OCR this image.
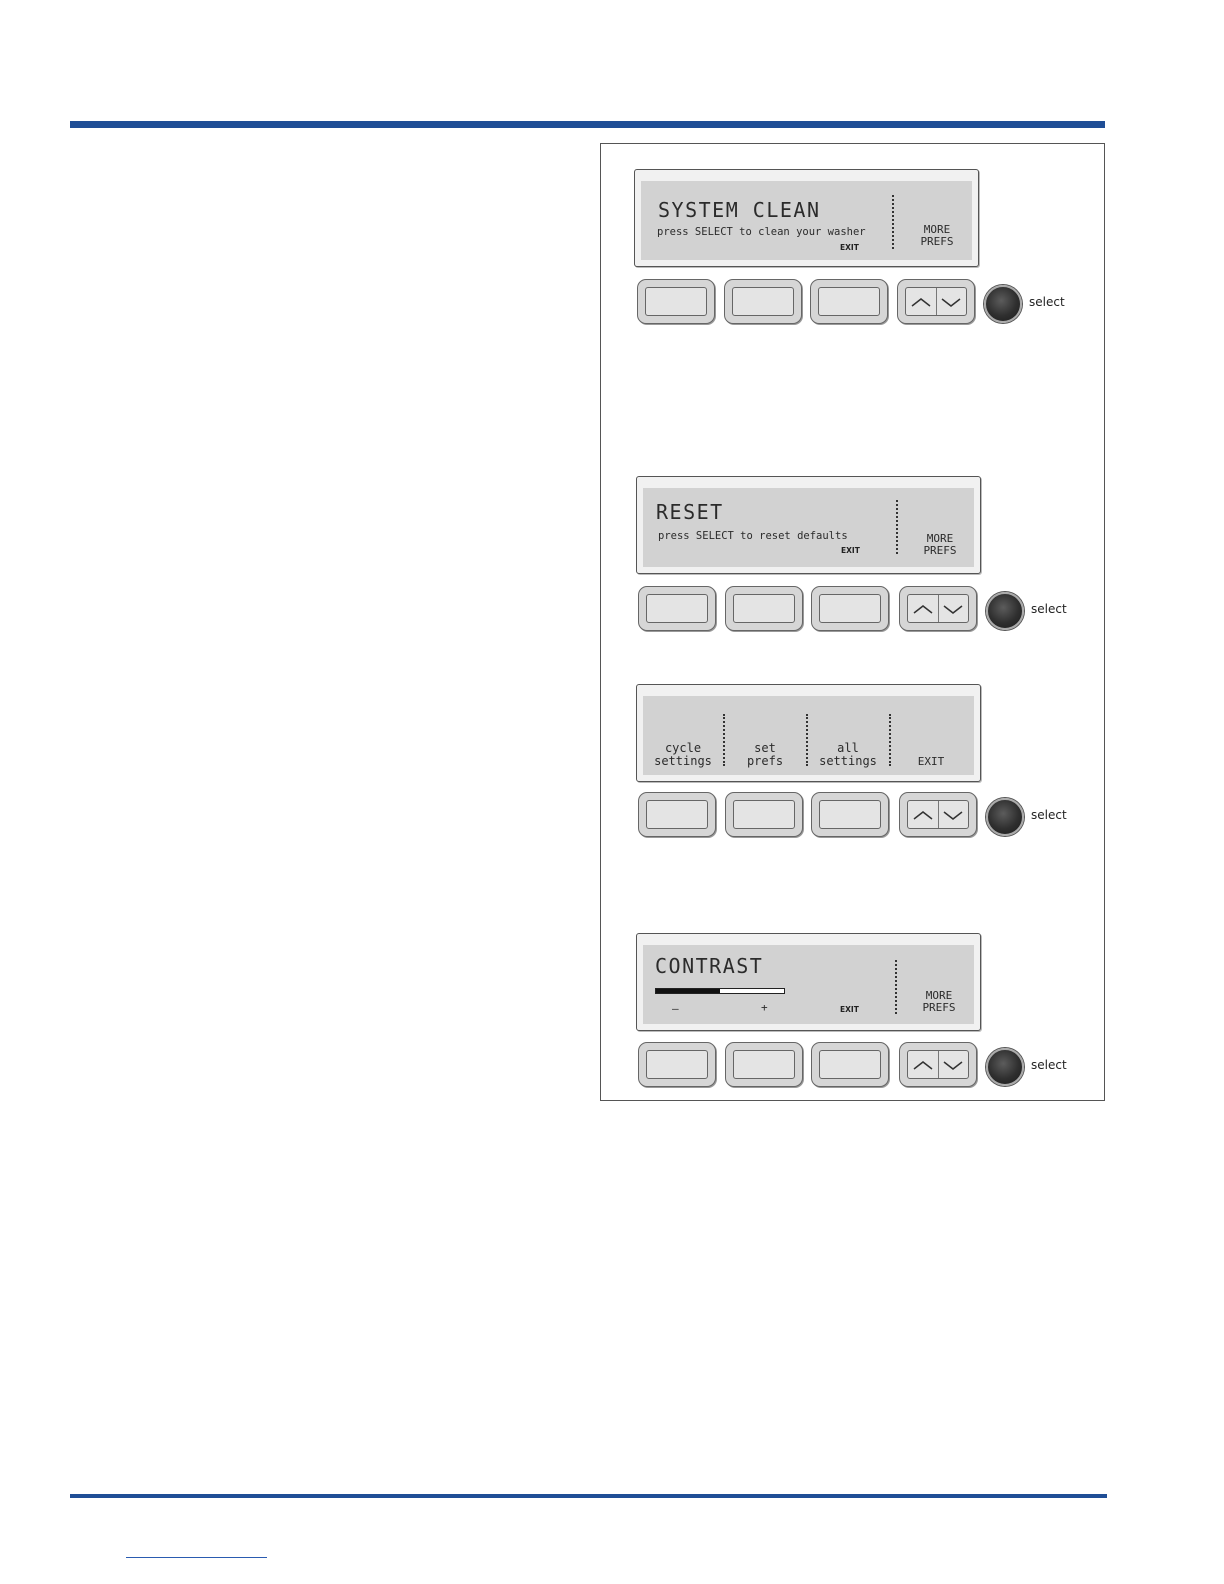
SYSTEM CLEAN
press SELECT to clean your washer
EXIT
MORE
PREFS
select
RESET
press SELECT to reset defaults
EXIT
MORE
PREFS
select
cycle
settings
set
prefs
all
settings	EXIT
select
CONTRAST
–	+	EXIT
MORE
PREFS
select
